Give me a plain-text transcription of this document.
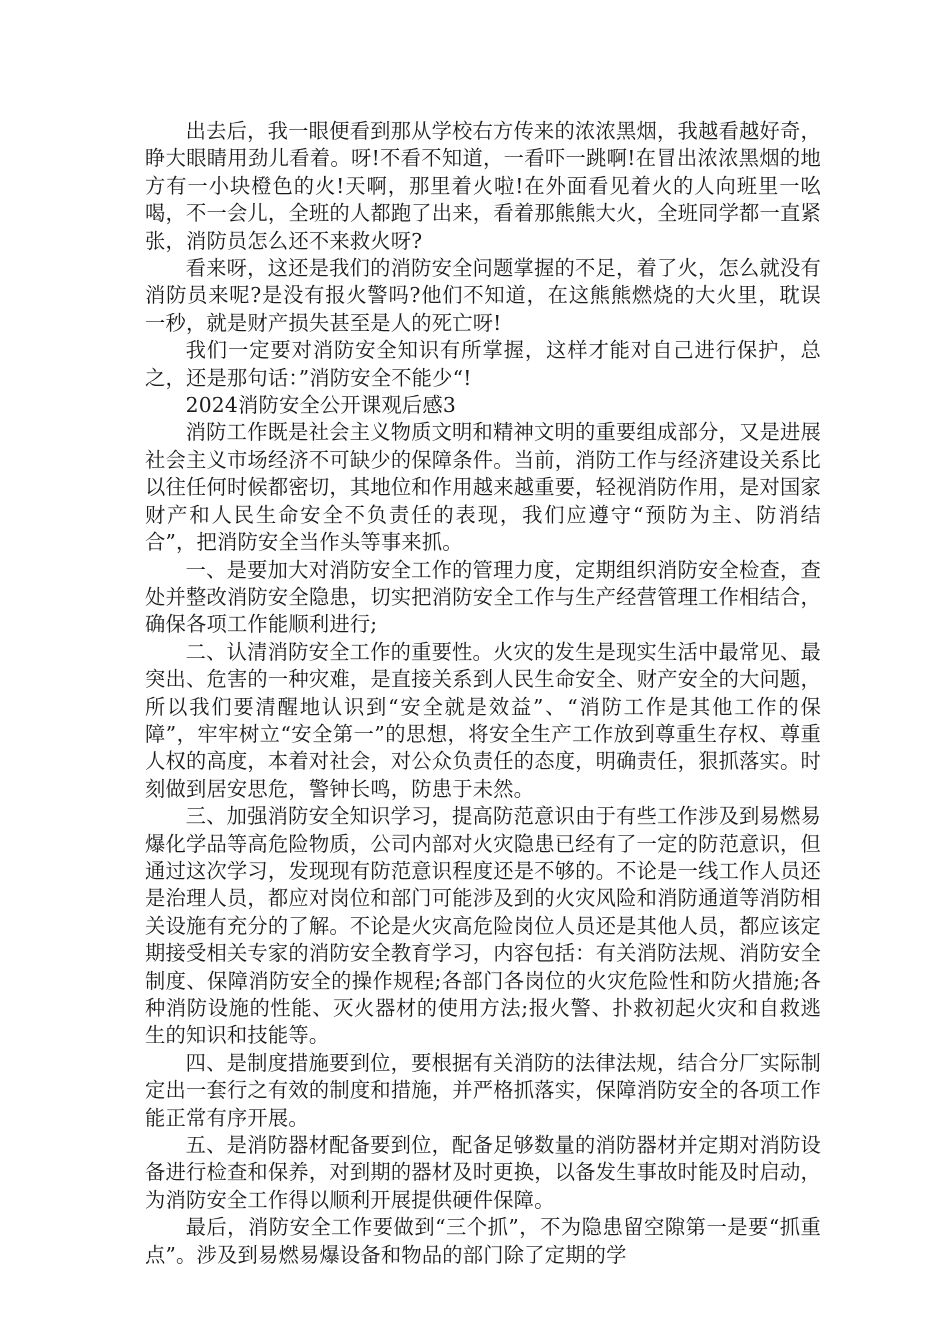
出去后，我一眼便看到那从学校右方传来的浓浓黑烟，我越看越好奇，睁大眼睛用劲儿看着。呀!不看不知道，一看吓一跳啊!在冒出浓浓黑烟的地方有一小块橙色的火!天啊，那里着火啦!在外面看见着火的人向班里一吆喝，不一会儿，全班的人都跑了出来，看着那熊熊大火，全班同学都一直紧张，消防员怎么还不来救火呀?

看来呀，这还是我们的消防安全问题掌握的不足，着了火，怎么就没有消防员来呢?是没有报火警吗?他们不知道，在这熊熊燃烧的大火里，耽误一秒，就是财产损失甚至是人的死亡呀!

我们一定要对消防安全知识有所掌握，这样才能对自己进行保护，总之，还是那句话：”消防安全不能少“!

2024消防安全公开课观后感3

消防工作既是社会主义物质文明和精神文明的重要组成部分，又是进展社会主义市场经济不可缺少的保障条件。当前，消防工作与经济建设关系比以往任何时候都密切，其地位和作用越来越重要，轻视消防作用，是对国家财产和人民生命安全不负责任的表现，我们应遵守“预防为主、防消结合”，把消防安全当作头等事来抓。

一、是要加大对消防安全工作的管理力度，定期组织消防安全检查，查处并整改消防安全隐患，切实把消防安全工作与生产经营管理工作相结合，确保各项工作能顺利进行;

二、认清消防安全工作的重要性。火灾的发生是现实生活中最常见、最突出、危害的一种灾难，是直接关系到人民生命安全、财产安全的大问题，所以我们要清醒地认识到“安全就是效益”、“消防工作是其他工作的保障”，牢牢树立“安全第一”的思想，将安全生产工作放到尊重生存权、尊重人权的高度，本着对社会，对公众负责任的态度，明确责任，狠抓落实。时刻做到居安思危，警钟长鸣，防患于未然。

三、加强消防安全知识学习，提高防范意识由于有些工作涉及到易燃易爆化学品等高危险物质，公司内部对火灾隐患已经有了一定的防范意识，但通过这次学习，发现现有防范意识程度还是不够的。不论是一线工作人员还是治理人员，都应对岗位和部门可能涉及到的火灾风险和消防通道等消防相关设施有充分的了解。不论是火灾高危险岗位人员还是其他人员，都应该定期接受相关专家的消防安全教育学习，内容包括：有关消防法规、消防安全制度、保障消防安全的操作规程;各部门各岗位的火灾危险性和防火措施;各种消防设施的性能、灭火器材的使用方法;报火警、扑救初起火灾和自救逃生的知识和技能等。

四、是制度措施要到位，要根据有关消防的法律法规，结合分厂实际制定出一套行之有效的制度和措施，并严格抓落实，保障消防安全的各项工作能正常有序开展。

五、是消防器材配备要到位，配备足够数量的消防器材并定期对消防设备进行检查和保养，对到期的器材及时更换，以备发生事故时能及时启动，为消防安全工作得以顺利开展提供硬件保障。

最后，消防安全工作要做到“三个抓”，不为隐患留空隙第一是要“抓重点”。涉及到易燃易爆设备和物品的部门除了定期的学
